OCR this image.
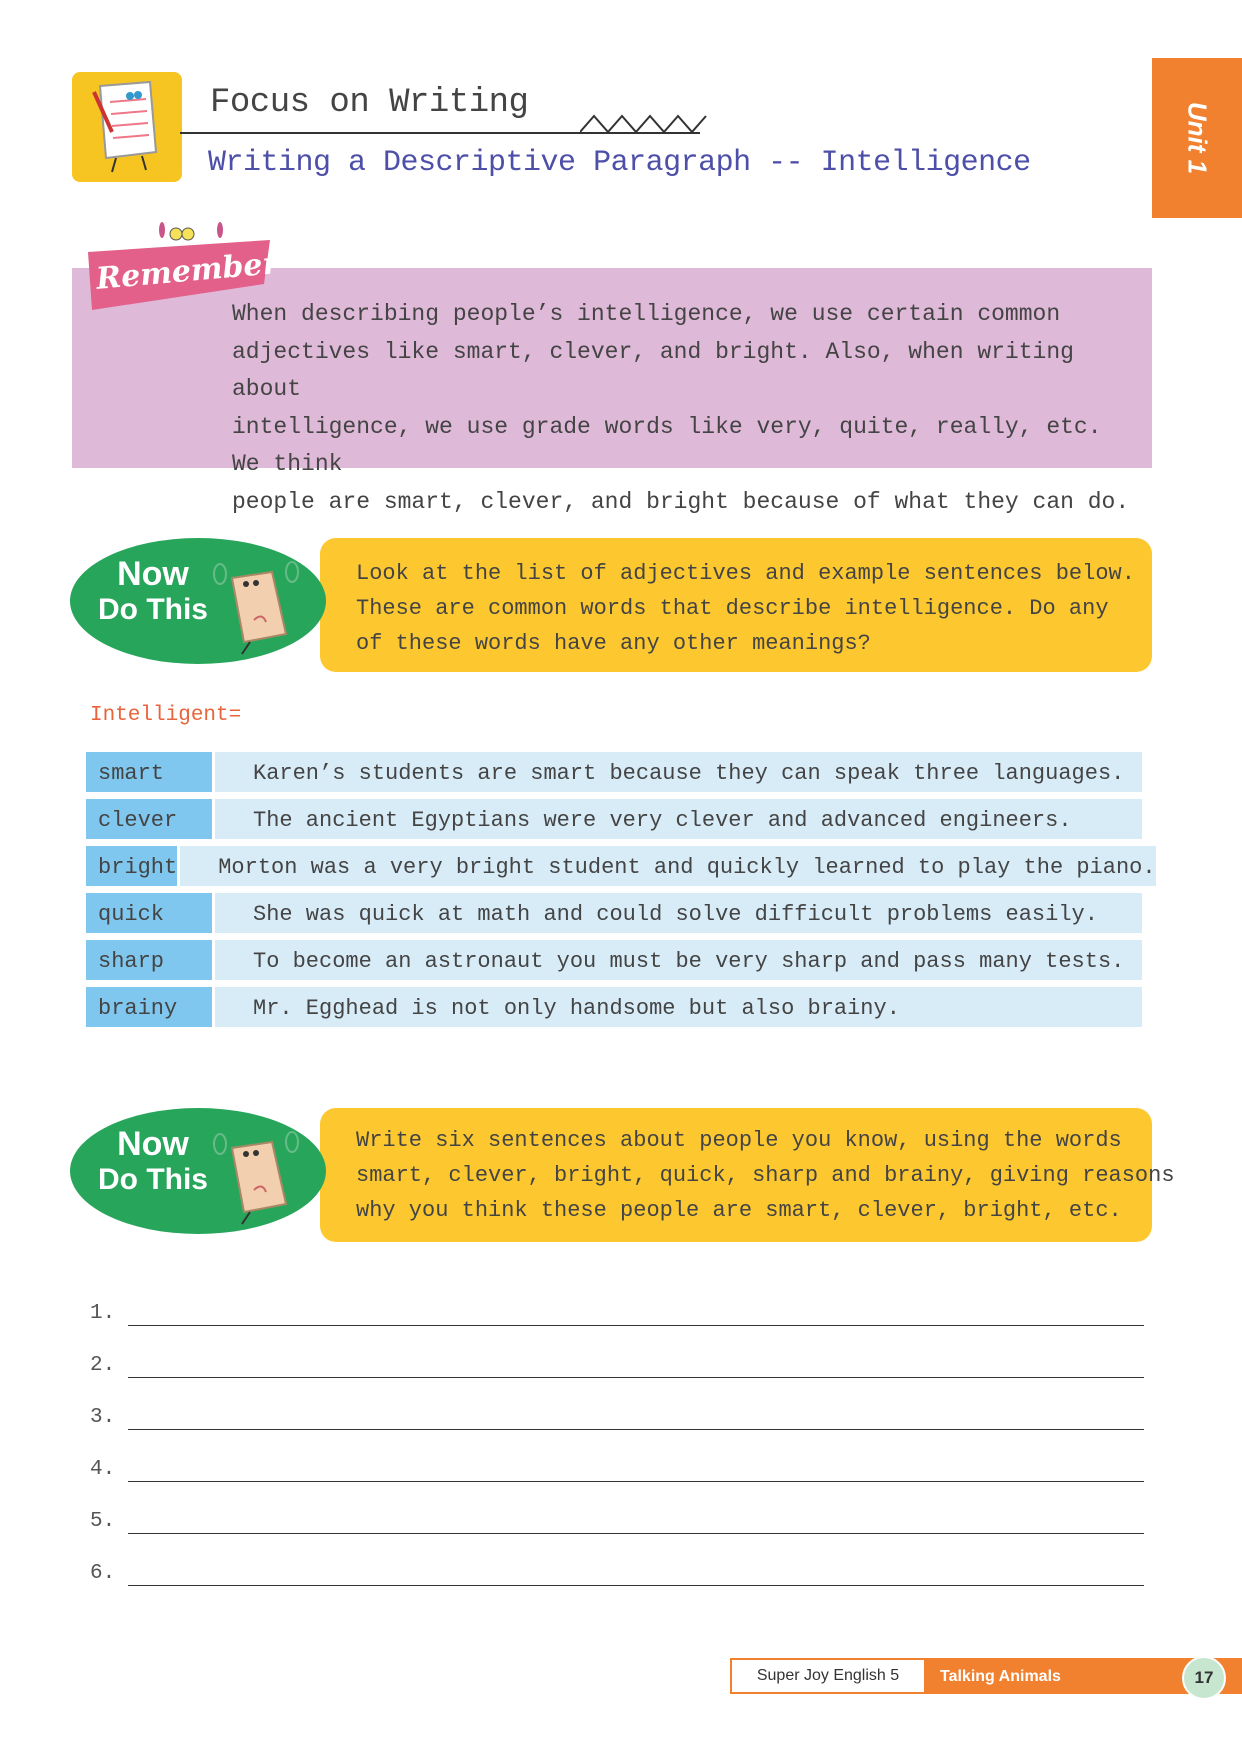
Focus on Writing
Writing a Descriptive Paragraph -- Intelligence	Unit 1
Remember
When describing people’s intelligence, we use certain common
adjectives like smart, clever, and bright. Also, when writing about
intelligence, we use grade words like very, quite, really, etc. We think
people are smart, clever, and bright because of what they can do.
Look at the list of adjectives and example sentences below.
These are common words that describe intelligence. Do any
of these words have any other meanings?
Now
Do This
Intelligent=
smart	Karen’s students are smart because they can speak three languages.
clever	The ancient Egyptians were very clever and advanced engineers.
bright	Morton was a very bright student and quickly learned to play the piano.
quick	She was quick at math and could solve difficult problems easily.
sharp	To become an astronaut you must be very sharp and pass many tests.
brainy	Mr. Egghead is not only handsome but also brainy.
Write six sentences about people you know, using the words
smart, clever, bright, quick, sharp and brainy, giving reasons
why you think these people are smart, clever, bright, etc.
Now
Do This
1.
2.
3.
4.
5.
6.
Super Joy English 5	Talking Animals	17
